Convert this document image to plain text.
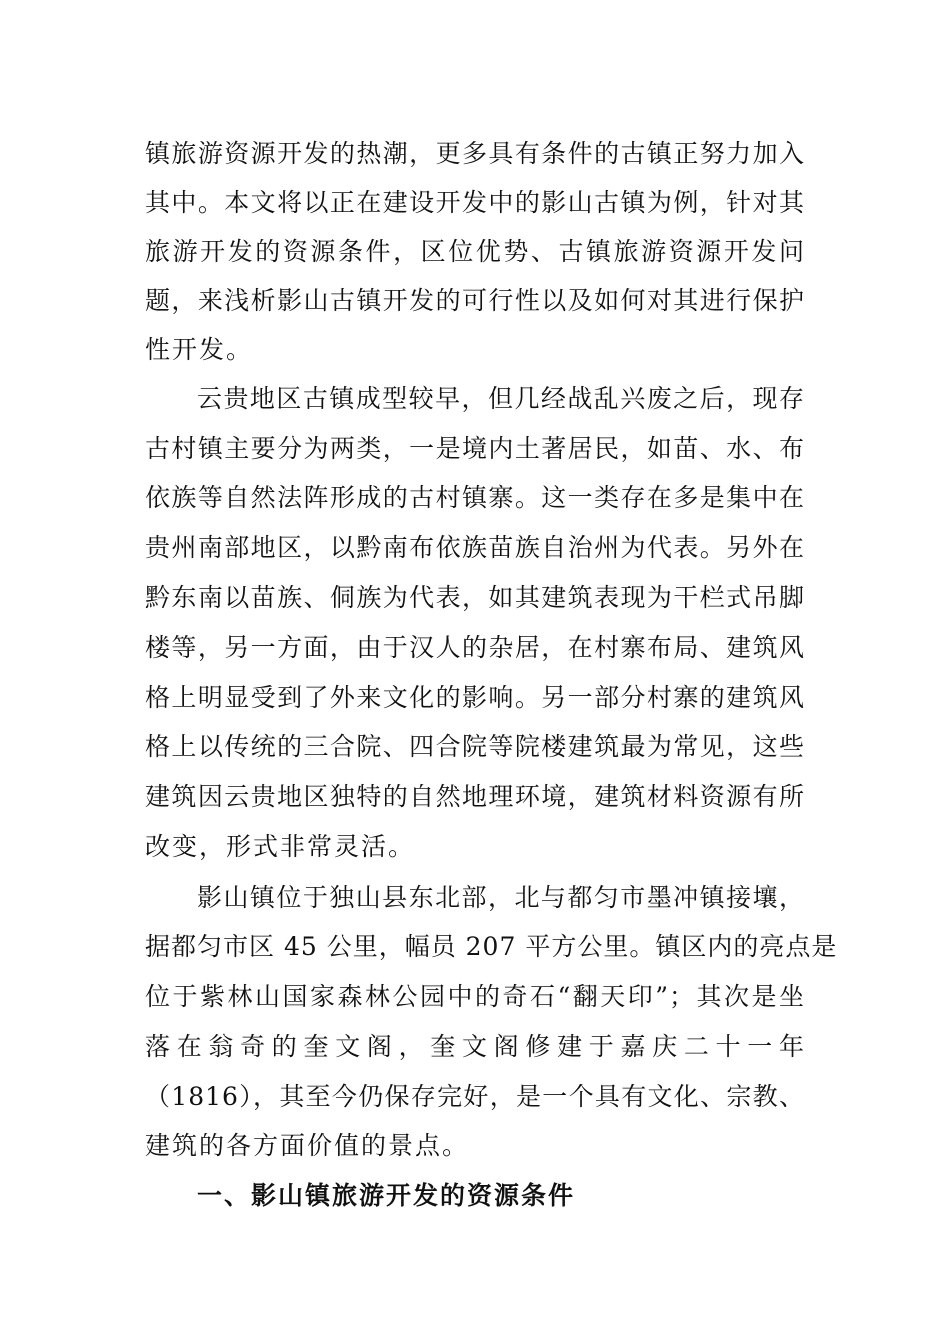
镇旅游资源开发的热潮，更多具有条件的古镇正努力加入
其中。本文将以正在建设开发中的影山古镇为例，针对其
旅游开发的资源条件，区位优势、古镇旅游资源开发问
题，来浅析影山古镇开发的可行性以及如何对其进行保护
性开发。
云贵地区古镇成型较早，但几经战乱兴废之后，现存
古村镇主要分为两类，一是境内土著居民，如苗、水、布
依族等自然法阵形成的古村镇寨。这一类存在多是集中在
贵州南部地区，以黔南布依族苗族自治州为代表。另外在
黔东南以苗族、侗族为代表，如其建筑表现为干栏式吊脚
楼等，另一方面，由于汉人的杂居，在村寨布局、建筑风
格上明显受到了外来文化的影响。另一部分村寨的建筑风
格上以传统的三合院、四合院等院楼建筑最为常见，这些
建筑因云贵地区独特的自然地理环境，建筑材料资源有所
改变，形式非常灵活。
影山镇位于独山县东北部，北与都匀市墨冲镇接壤，
据都匀市区 45 公里，幅员 207 平方公里。镇区内的亮点是
位于紫林山国家森林公园中的奇石“翻天印”；其次是坐
落在翁奇的奎文阁，奎文阁修建于嘉庆二十一年
（1816），其至今仍保存完好，是一个具有文化、宗教、
建筑的各方面价值的景点。
一、影山镇旅游开发的资源条件
